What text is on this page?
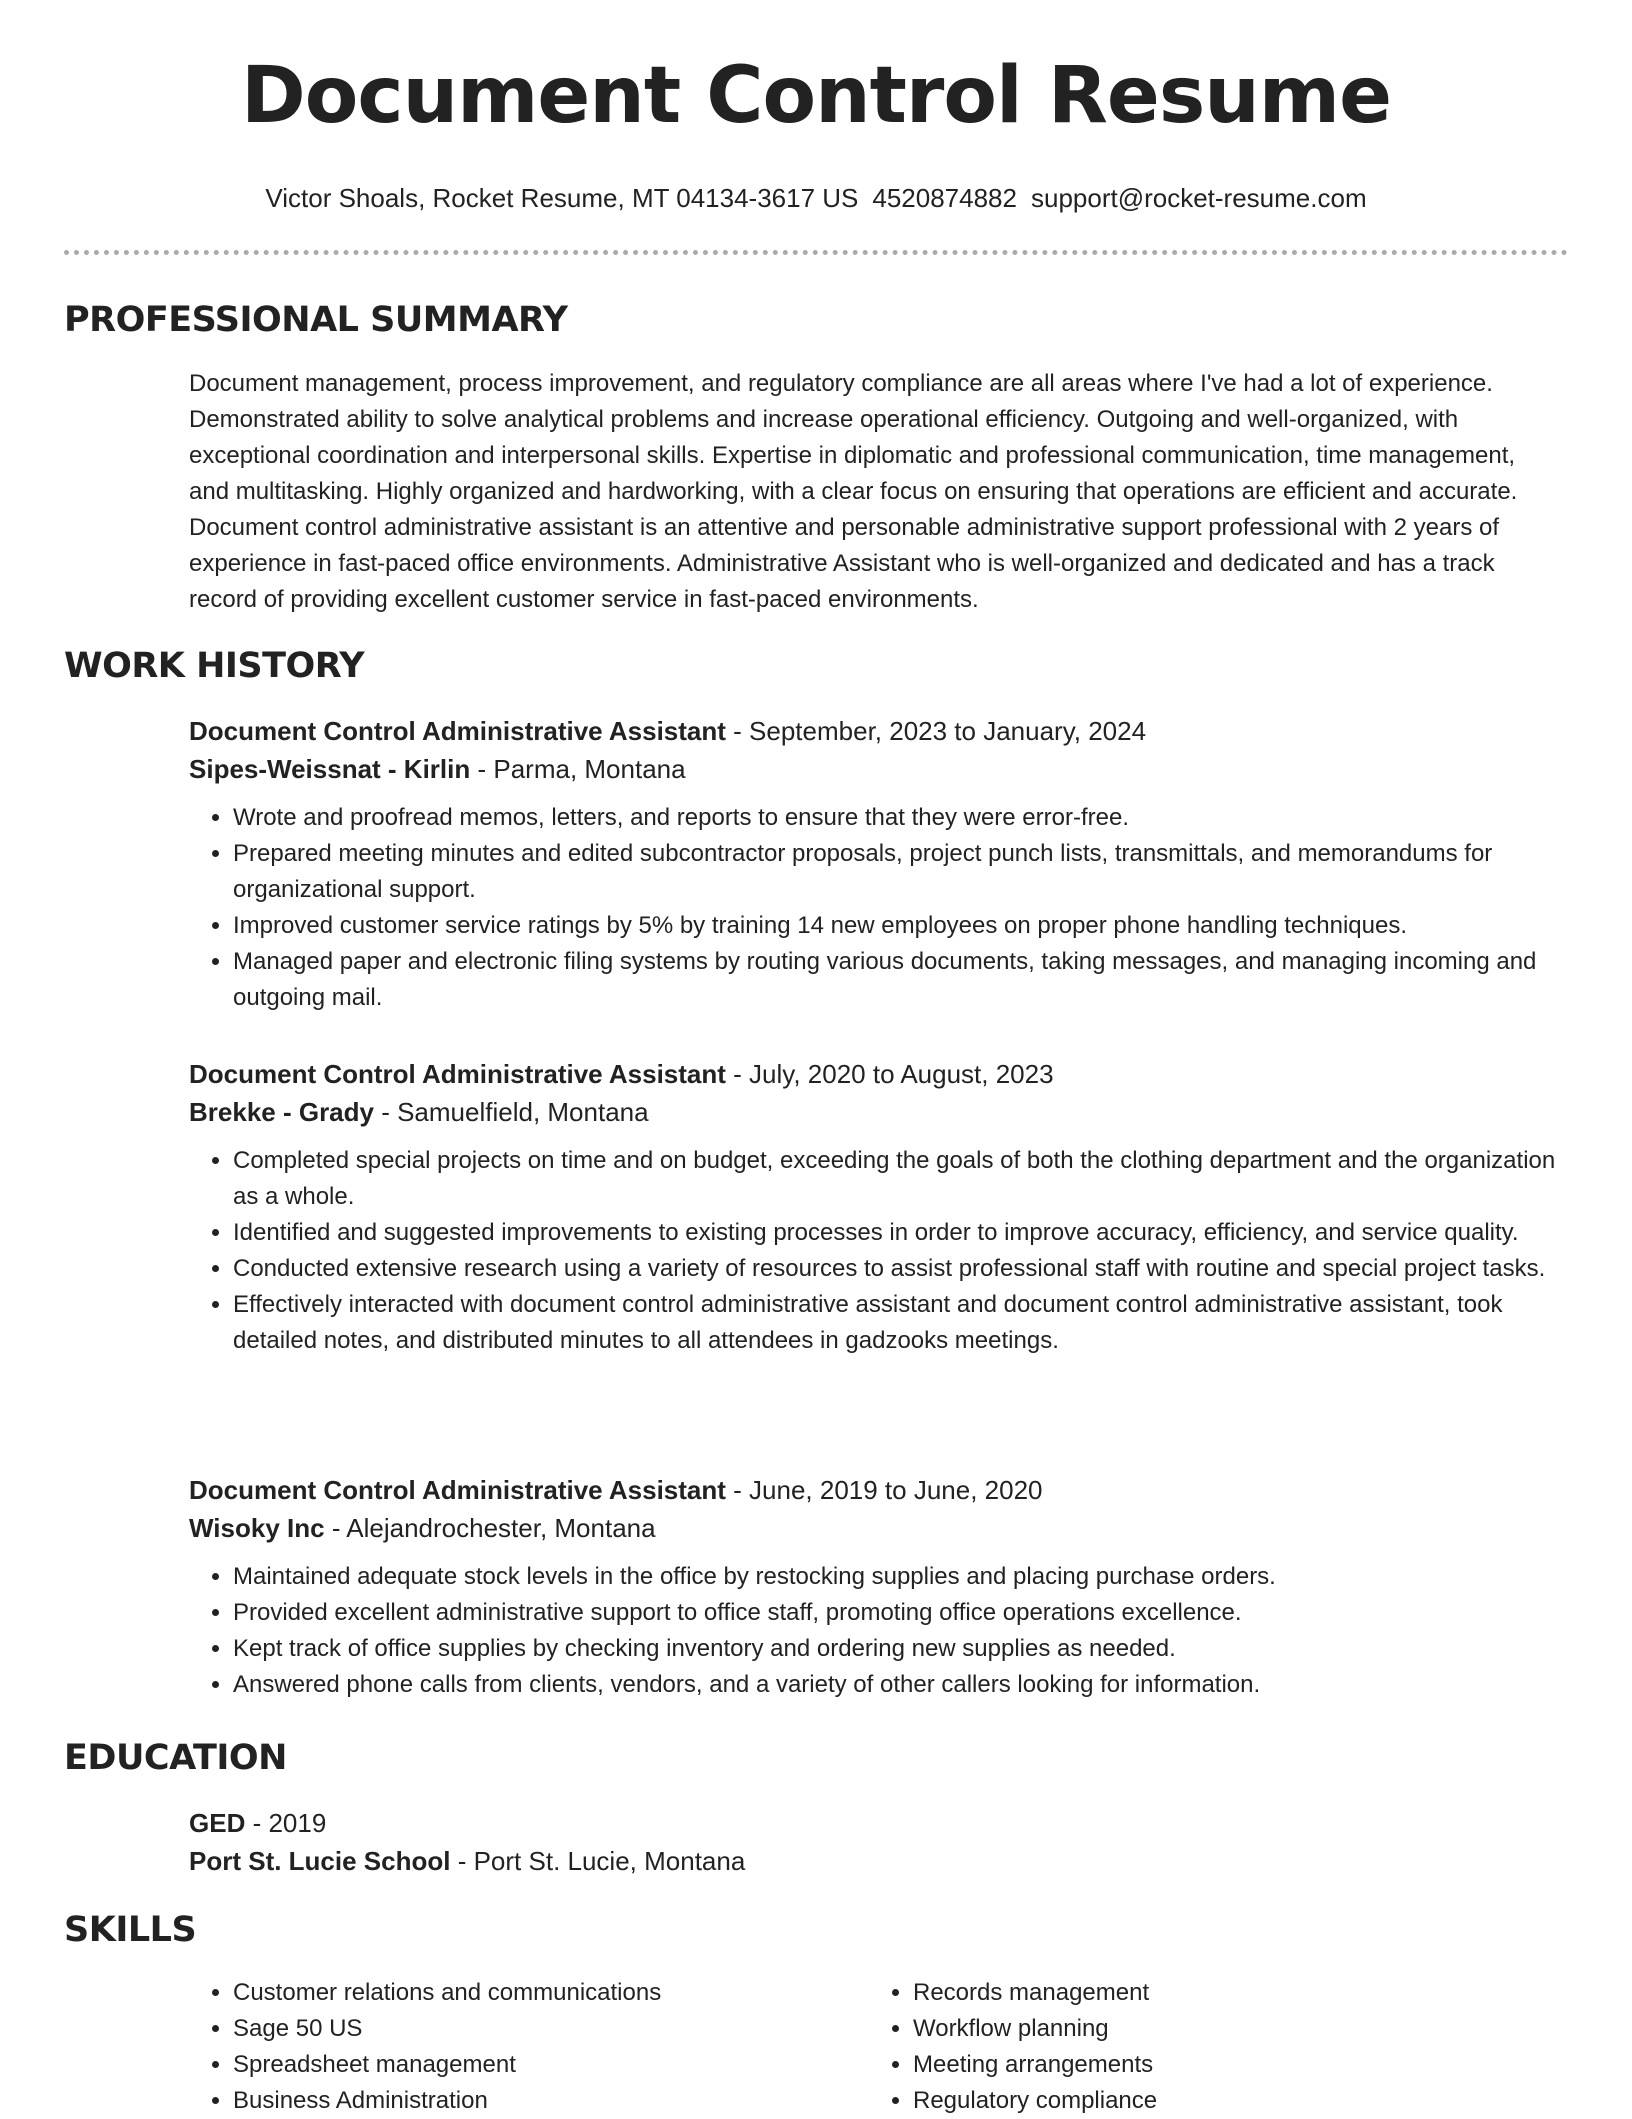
Document Control Resume
Victor Shoals, Rocket Resume, MT 04134-3617 US 4520874882 support@rocket-resume.com
PROFESSIONAL SUMMARY

Document management, process improvement, and regulatory compliance are all areas where I've had a lot of experience. Demonstrated ability to solve analytical problems and increase operational efficiency. Outgoing and well-organized, with exceptional coordination and interpersonal skills. Expertise in diplomatic and professional communication, time management, and multitasking. Highly organized and hardworking, with a clear focus on ensuring that operations are efficient and accurate. Document control administrative assistant is an attentive and personable administrative support professional with 2 years of experience in fast-paced office environments. Administrative Assistant who is well-organized and dedicated and has a track record of providing excellent customer service in fast-paced environments.

WORK HISTORY

Document Control Administrative Assistant - September, 2023 to January, 2024

Sipes-Weissnat - Kirlin - Parma, Montana

• Wrote and proofread memos, letters, and reports to ensure that they were error-free.
• Prepared meeting minutes and edited subcontractor proposals, project punch lists, transmittals, and memorandums for organizational support.
• Improved customer service ratings by 5% by training 14 new employees on proper phone handling techniques.
• Managed paper and electronic filing systems by routing various documents, taking messages, and managing incoming and outgoing mail.

Document Control Administrative Assistant - July, 2020 to August, 2023

Brekke - Grady - Samuelfield, Montana

• Completed special projects on time and on budget, exceeding the goals of both the clothing department and the organization as a whole.
• Identified and suggested improvements to existing processes in order to improve accuracy, efficiency, and service quality.
• Conducted extensive research using a variety of resources to assist professional staff with routine and special project tasks.
• Effectively interacted with document control administrative assistant and document control administrative assistant, took detailed notes, and distributed minutes to all attendees in gadzooks meetings.

Document Control Administrative Assistant - June, 2019 to June, 2020

Wisoky Inc - Alejandrochester, Montana

• Maintained adequate stock levels in the office by restocking supplies and placing purchase orders.
• Provided excellent administrative support to office staff, promoting office operations excellence.
• Kept track of office supplies by checking inventory and ordering new supplies as needed.
• Answered phone calls from clients, vendors, and a variety of other callers looking for information.
EDUCATION

GED - 2019

Port St. Lucie School - Port St. Lucie, Montana

SKILLS
• Customer relations and communications
• Sage 50 US
• Spreadsheet management
• Business Administration
• Records management
• Workflow planning
• Meeting arrangements
• Regulatory compliance
